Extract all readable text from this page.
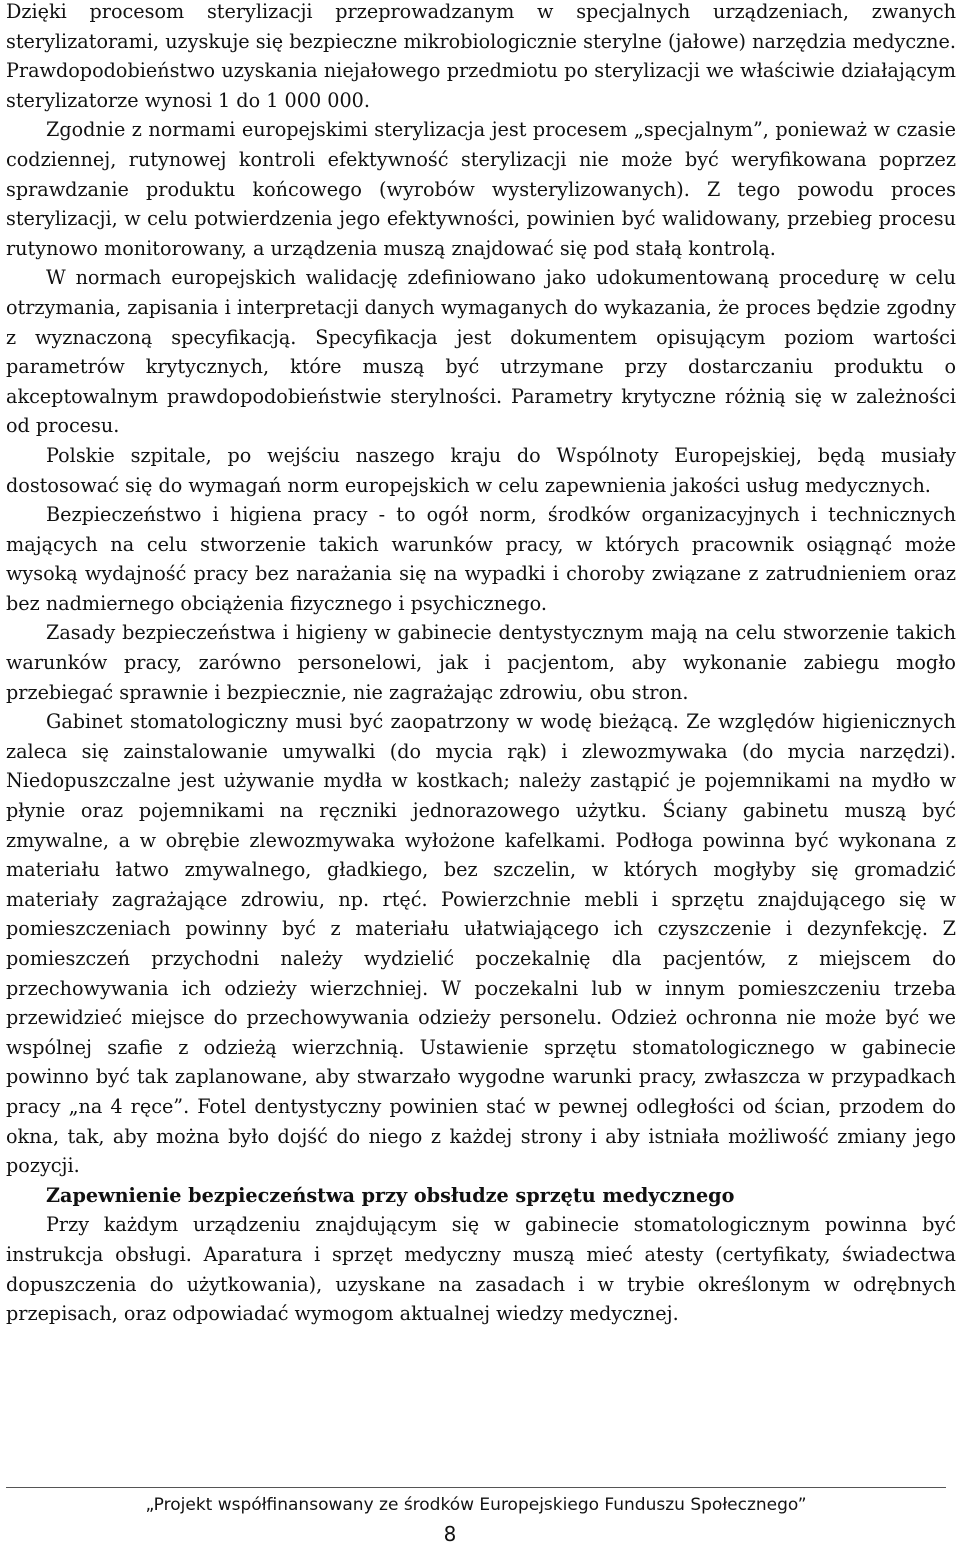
Dzięki procesom sterylizacji przeprowadzanym w specjalnych urządzeniach, zwanych sterylizatorami, uzyskuje się bezpieczne mikrobiologicznie sterylne (jałowe) narzędzia medyczne. Prawdopodobieństwo uzyskania niejałowego przedmiotu po sterylizacji we właściwie działającym sterylizatorze wynosi 1 do 1 000 000.

Zgodnie z normami europejskimi sterylizacja jest procesem „specjalnym”, ponieważ w czasie codziennej, rutynowej kontroli efektywność sterylizacji nie może być weryfikowana poprzez sprawdzanie produktu końcowego (wyrobów wysterylizowanych). Z tego powodu proces sterylizacji, w celu potwierdzenia jego efektywności, powinien być walidowany, przebieg procesu rutynowo monitorowany, a urządzenia muszą znajdować się pod stałą kontrolą.

W normach europejskich walidację zdefiniowano jako udokumentowaną procedurę w celu otrzymania, zapisania i interpretacji danych wymaganych do wykazania, że proces będzie zgodny z wyznaczoną specyfikacją. Specyfikacja jest dokumentem opisującym poziom wartości parametrów krytycznych, które muszą być utrzymane przy dostarczaniu produktu o akceptowalnym prawdopodobieństwie sterylności. Parametry krytyczne różnią się w zależności od procesu.

Polskie szpitale, po wejściu naszego kraju do Wspólnoty Europejskiej, będą musiały dostosować się do wymagań norm europejskich w celu zapewnienia jakości usług medycznych.

Bezpieczeństwo i higiena pracy - to ogół norm, środków organizacyjnych i technicznych mających na celu stworzenie takich warunków pracy, w których pracownik osiągnąć może wysoką wydajność pracy bez narażania się na wypadki i choroby związane z zatrudnieniem oraz bez nadmiernego obciążenia fizycznego i psychicznego.

Zasady bezpieczeństwa i higieny w gabinecie dentystycznym mają na celu stworzenie takich warunków pracy, zarówno personelowi, jak i pacjentom, aby wykonanie zabiegu mogło przebiegać sprawnie i bezpiecznie, nie zagrażając zdrowiu, obu stron.

Gabinet stomatologiczny musi być zaopatrzony w wodę bieżącą. Ze względów higienicznych zaleca się zainstalowanie umywalki (do mycia rąk) i zlewozmywaka (do mycia narzędzi). Niedopuszczalne jest używanie mydła w kostkach; należy zastąpić je pojemnikami na mydło w płynie oraz pojemnikami na ręczniki jednorazowego użytku. Ściany gabinetu muszą być zmywalne, a w obrębie zlewozmywaka wyłożone kafelkami. Podłoga powinna być wykonana z materiału łatwo zmywalnego, gładkiego, bez szczelin, w których mogłyby się gromadzić materiały zagrażające zdrowiu, np. rtęć. Powierzchnie mebli i sprzętu znajdującego się w pomieszczeniach powinny być z materiału ułatwiającego ich czyszczenie i dezynfekcję. Z pomieszczeń przychodni należy wydzielić poczekalnię dla pacjentów, z miejscem do przechowywania ich odzieży wierzchniej. W poczekalni lub w innym pomieszczeniu trzeba przewidzieć miejsce do przechowywania odzieży personelu. Odzież ochronna nie może być we wspólnej szafie z odzieżą wierzchnią. Ustawienie sprzętu stomatologicznego w gabinecie powinno być tak zaplanowane, aby stwarzało wygodne warunki pracy, zwłaszcza w przypadkach pracy „na 4 ręce”. Fotel dentystyczny powinien stać w pewnej odległości od ścian, przodem do okna, tak, aby można było dojść do niego z każdej strony i aby istniała możliwość zmiany jego pozycji.

Zapewnienie bezpieczeństwa przy obsłudze sprzętu medycznego

Przy każdym urządzeniu znajdującym się w gabinecie stomatologicznym powinna być instrukcja obsługi. Aparatura i sprzęt medyczny muszą mieć atesty (certyfikaty, świadectwa dopuszczenia do użytkowania), uzyskane na zasadach i w trybie określonym w odrębnych przepisach, oraz odpowiadać wymogom aktualnej wiedzy medycznej.

„Projekt współfinansowany ze środków Europejskiego Funduszu Społecznego”
8
